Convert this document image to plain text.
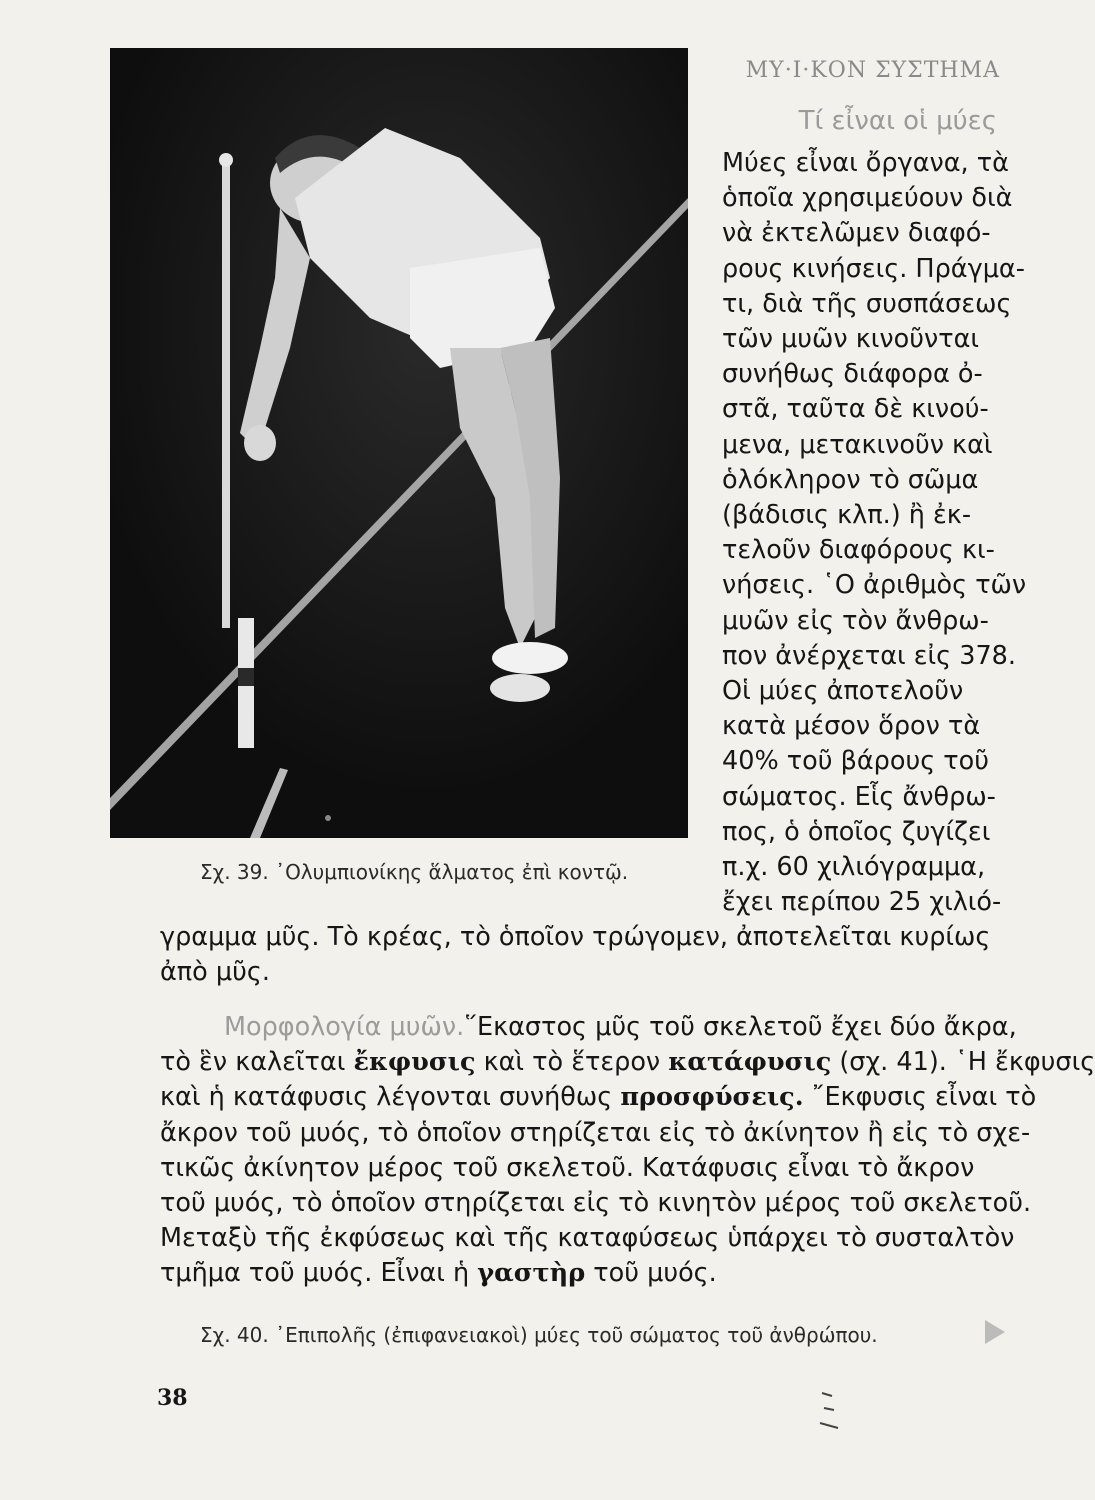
ΜΥ·Ι·ΚΟΝ ΣΥΣΤΗΜΑ
Σχ. 39. ᾿Ολυμπιονίκης ἅλματος ἐπὶ κοντῷ.
Τί εἶναι οἱ μύες
Μύες εἶναι ὄργανα, τὰ
ὁποῖα χρησιμεύουν διὰ
νὰ ἐκτελῶμεν διαφό-
ρους κινήσεις. Πράγμα-
τι, διὰ τῆς συσπάσεως
τῶν μυῶν κινοῦνται
συνήθως διάφορα ὀ-
στᾶ, ταῦτα δὲ κινού-
μενα, μετακινοῦν καὶ
ὁλόκληρον τὸ σῶμα
(βάδισις κλπ.) ἢ ἐκ-
τελοῦν διαφόρους κι-
νήσεις. ῾Ο ἀριθμὸς τῶν
μυῶν εἰς τὸν ἄνθρω-
πον ἀνέρχεται εἰς 378.
Οἱ μύες ἀποτελοῦν
κατὰ μέσον ὅρον τὰ
40% τοῦ βάρους τοῦ
σώματος. Εἷς ἄνθρω-
πος, ὁ ὁποῖος ζυγίζει
π.χ. 60 χιλιόγραμμα,
ἔχει περίπου 25 χιλιό-
γραμμα μῦς. Τὸ κρέας, τὸ ὁποῖον τρώγομεν, ἀποτελεῖται κυρίως
ἀπὸ μῦς.
Μορφολογία μυῶν.῞Εκαστος μῦς τοῦ σκελετοῦ ἔχει δύο ἄκρα,
τὸ ἓν καλεῖται ἔκφυσις καὶ τὸ ἕτερον κατάφυσις (σχ. 41). ῾Η ἔκφυσις
καὶ ἡ κατάφυσις λέγονται συνήθως προσφύσεις. ῎Εκφυσις εἶναι τὸ
ἄκρον τοῦ μυός, τὸ ὁποῖον στηρίζεται εἰς τὸ ἀκίνητον ἢ εἰς τὸ σχε-
τικῶς ἀκίνητον μέρος τοῦ σκελετοῦ. Κατάφυσις εἶναι τὸ ἄκρον
τοῦ μυός, τὸ ὁποῖον στηρίζεται εἰς τὸ κινητὸν μέρος τοῦ σκελετοῦ.
Μεταξὺ τῆς ἐκφύσεως καὶ τῆς καταφύσεως ὑπάρχει τὸ συσταλτὸν
τμῆμα τοῦ μυός. Εἶναι ἡ γαστὴρ τοῦ μυός.
Σχ. 40. ᾿Επιπολῆς (ἐπιφανειακοὶ) μύες τοῦ σώματος τοῦ ἀνθρώπου.
38
